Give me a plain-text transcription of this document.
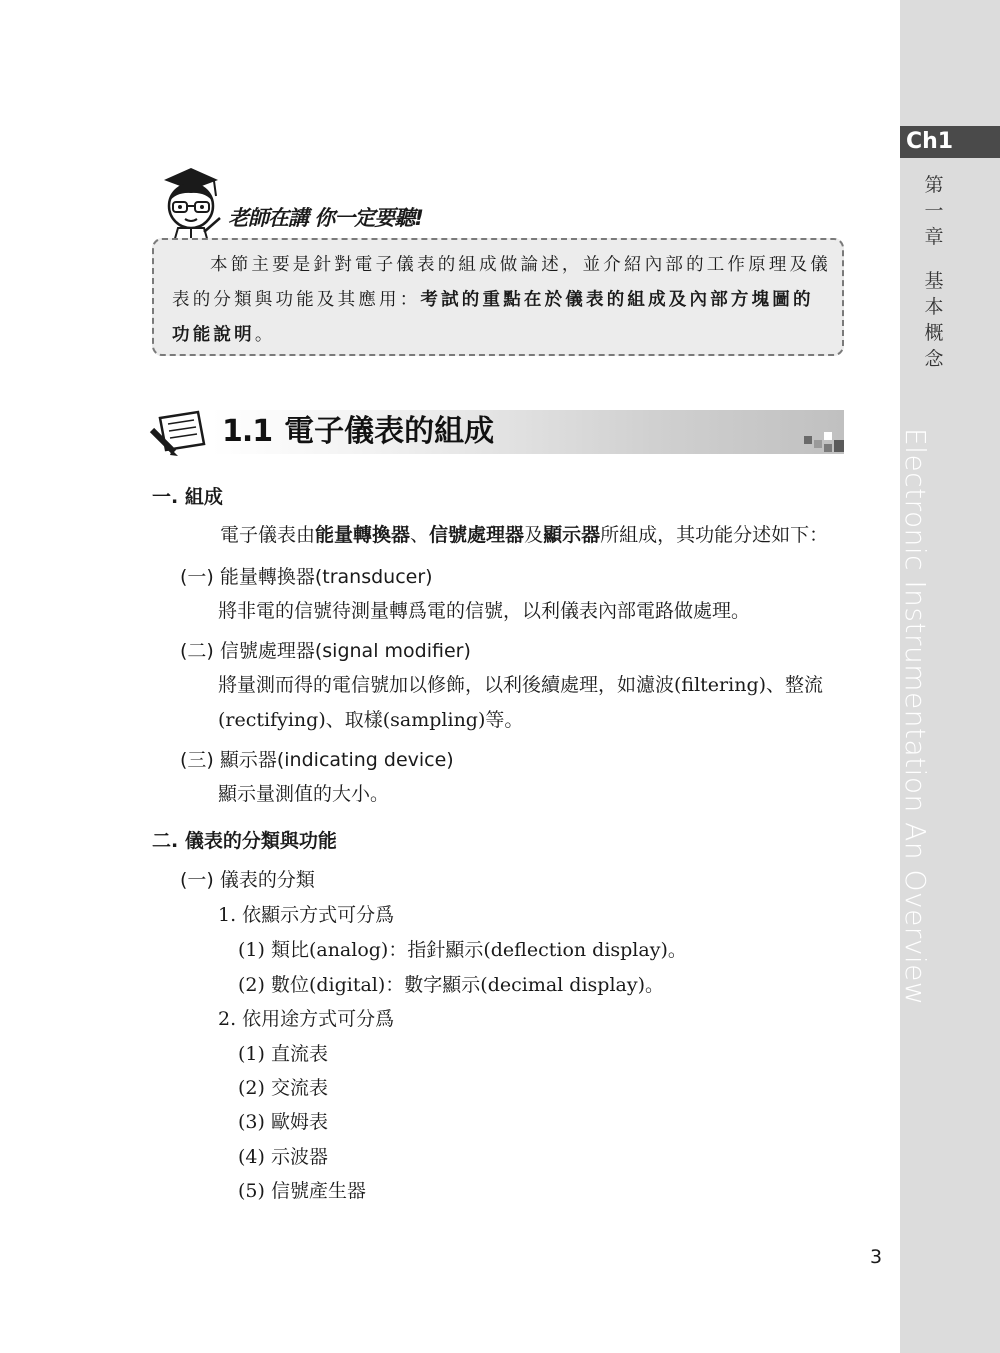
Ch1
第
一
章
基
本
概
念
Electronic Instrumentation An Overview
老師在講 你一定要聽!
本節主要是針對電子儀表的組成做論述，並介紹內部的工作原理及儀表的分類與功能及其應用：考試的重點在於儀表的組成及內部方塊圖的功能說明。
1.1 電子儀表的組成
一. 組成
電子儀表由能量轉換器、信號處理器及顯示器所組成，其功能分述如下：
(一) 能量轉換器(transducer)
將非電的信號待測量轉爲電的信號，以利儀表內部電路做處理。
(二) 信號處理器(signal modifier)
將量測而得的電信號加以修飾，以利後續處理，如濾波(filtering)、整流
(rectifying)、取樣(sampling)等。
(三) 顯示器(indicating device)
顯示量測值的大小。
二. 儀表的分類與功能
(一) 儀表的分類
1. 依顯示方式可分爲
(1) 類比(analog)：指針顯示(deflection display)。
(2) 數位(digital)：數字顯示(decimal display)。
2. 依用途方式可分爲
(1) 直流表
(2) 交流表
(3) 歐姆表
(4) 示波器
(5) 信號產生器
3
